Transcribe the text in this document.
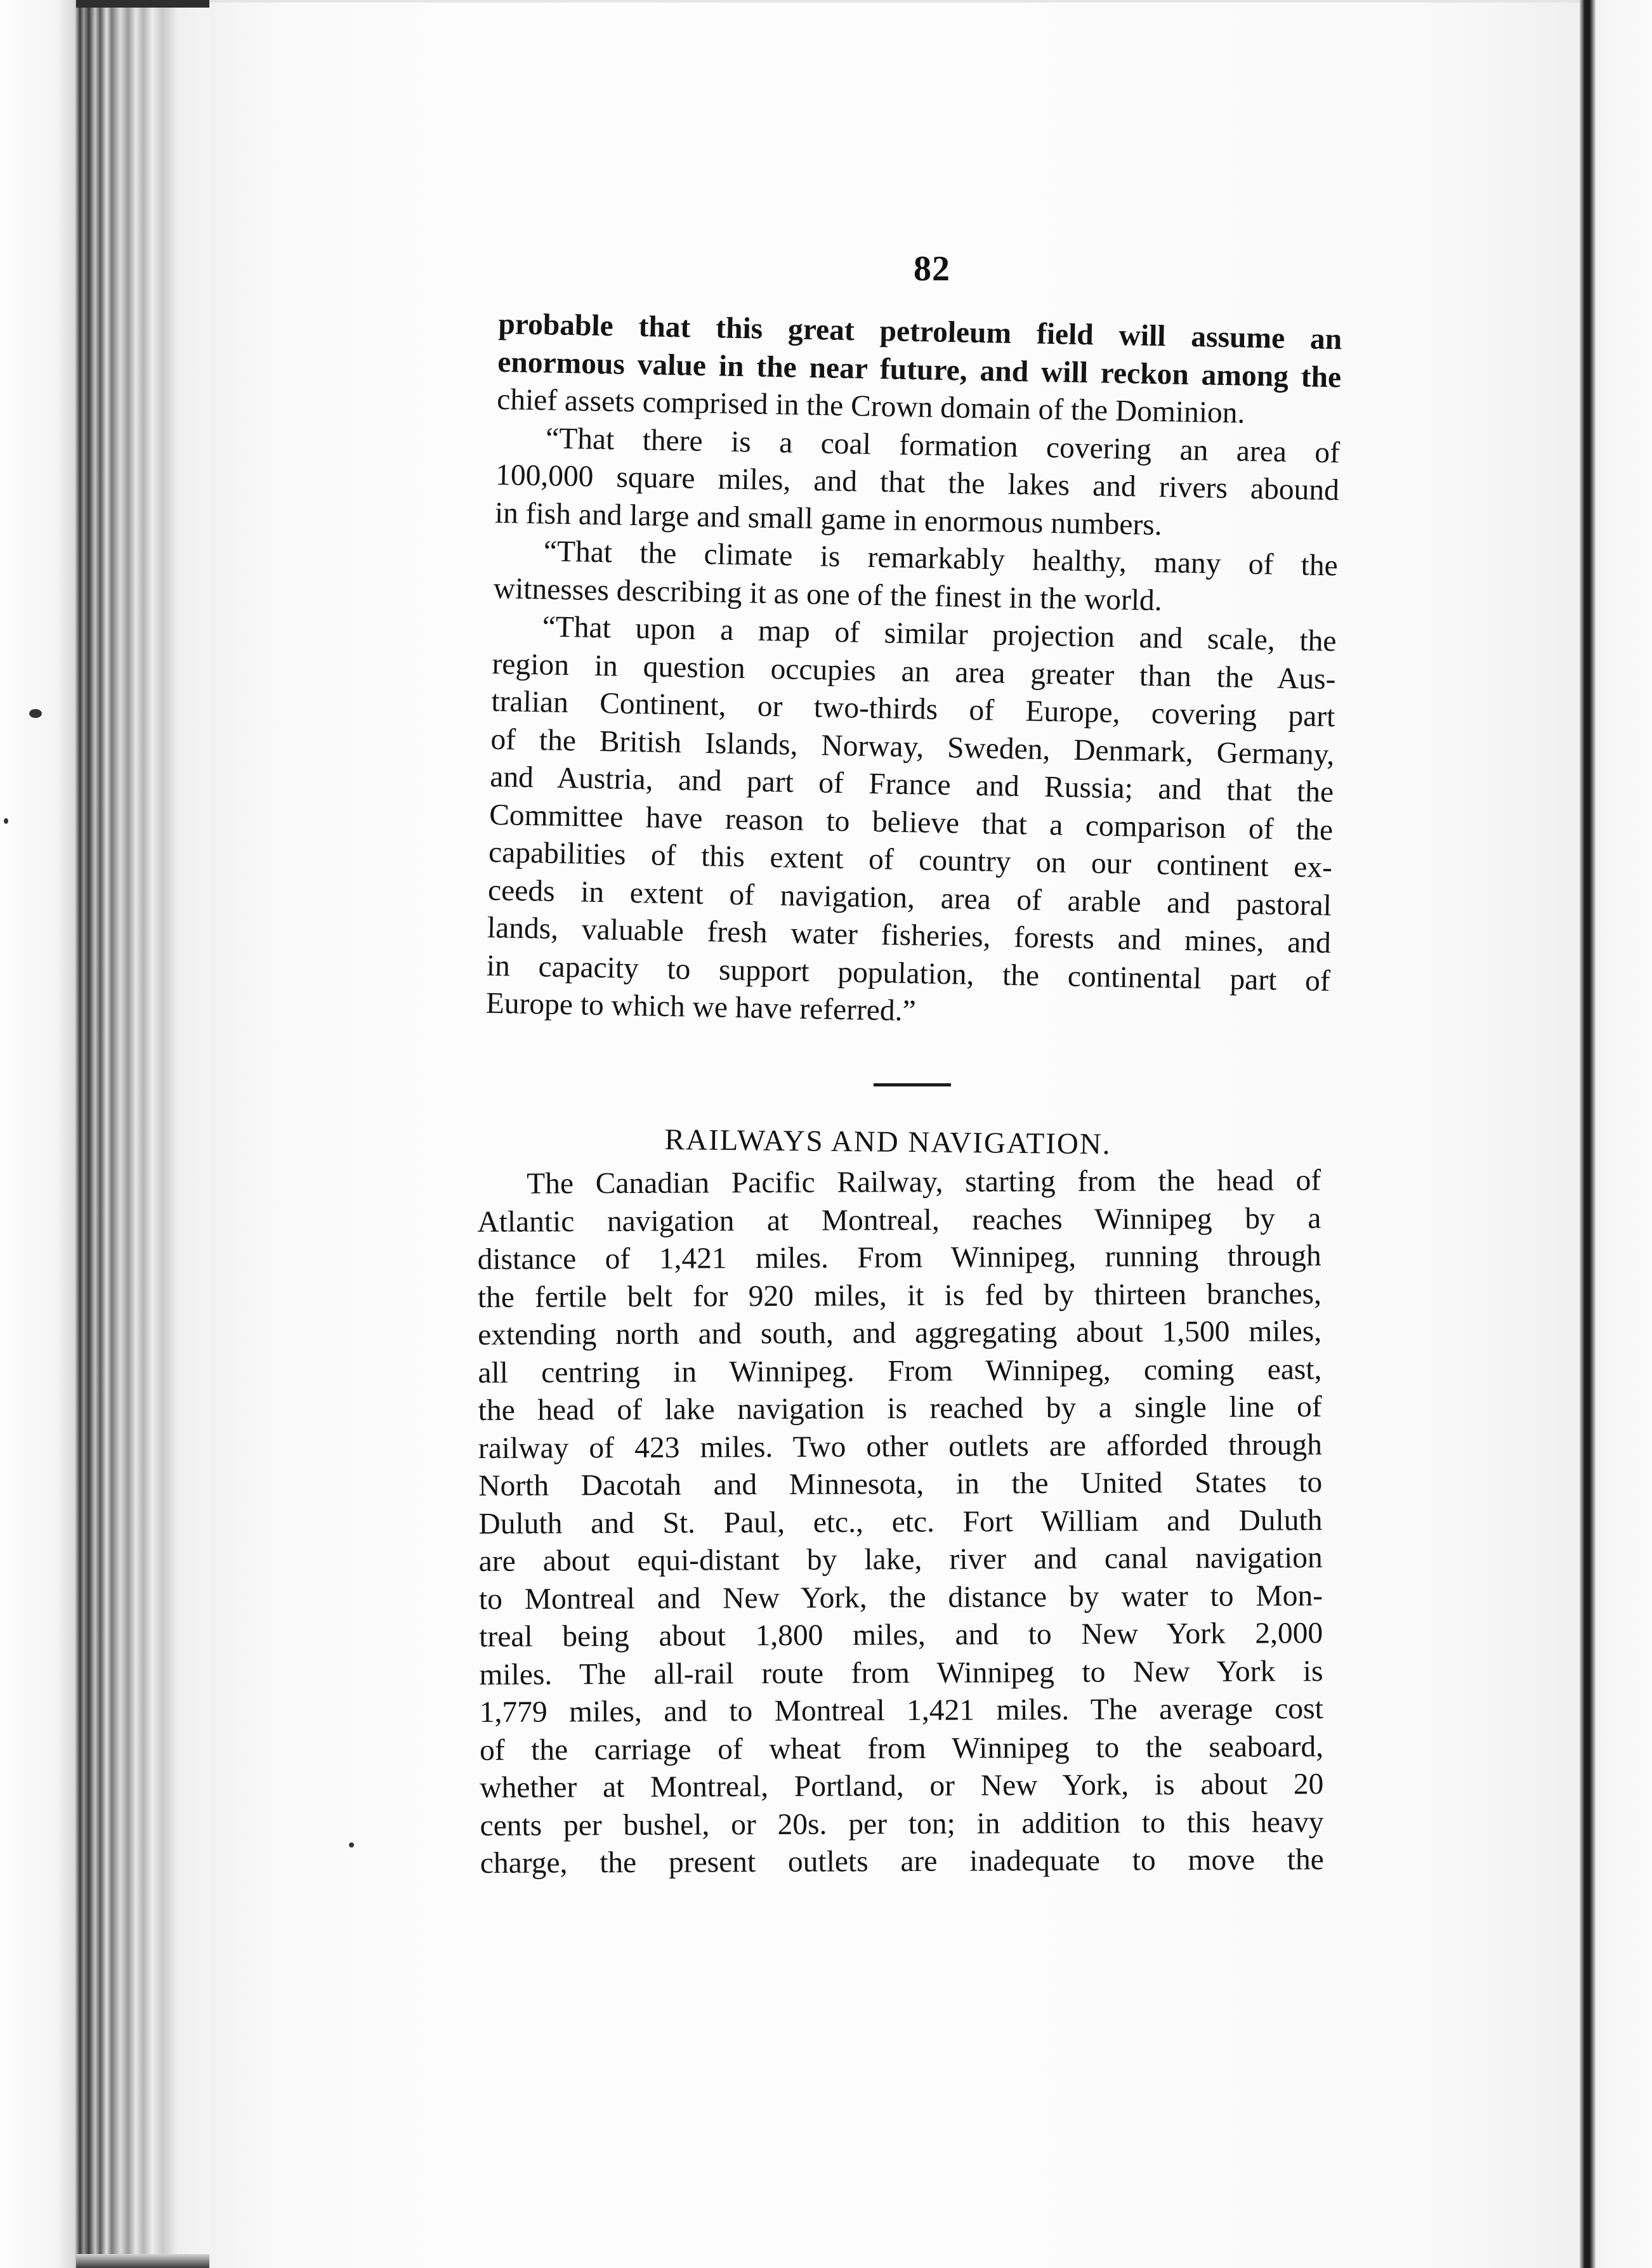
82
probable that this great petroleum field will assume an
enormous value in the near future, and will reckon among the
chief assets comprised in the Crown domain of the Dominion.
“That there is a coal formation covering an area of
100,000 square miles, and that the lakes and rivers abound
in fish and large and small game in enormous numbers.
“That the climate is remarkably healthy, many of the
witnesses describing it as one of the finest in the world.
“That upon a map of similar projection and scale, the
region in question occupies an area greater than the Aus-
tralian Continent, or two-thirds of Europe, covering part
of the British Islands, Norway, Sweden, Denmark, Germany,
and Austria, and part of France and Russia; and that the
Committee have reason to believe that a comparison of the
capabilities of this extent of country on our continent ex-
ceeds in extent of navigation, area of arable and pastoral
lands, valuable fresh water fisheries, forests and mines, and
in capacity to support population, the continental part of
Europe to which we have referred.”
RAILWAYS AND NAVIGATION.
The Canadian Pacific Railway, starting from the head of
Atlantic navigation at Montreal, reaches Winnipeg by a
distance of 1,421 miles. From Winnipeg, running through
the fertile belt for 920 miles, it is fed by thirteen branches,
extending north and south, and aggregating about 1,500 miles,
all centring in Winnipeg. From Winnipeg, coming east,
the head of lake navigation is reached by a single line of
railway of 423 miles. Two other outlets are afforded through
North Dacotah and Minnesota, in the United States to
Duluth and St. Paul, etc., etc. Fort William and Duluth
are about equi-distant by lake, river and canal navigation
to Montreal and New York, the distance by water to Mon-
treal being about 1,800 miles, and to New York 2,000
miles. The all-rail route from Winnipeg to New York is
1,779 miles, and to Montreal 1,421 miles. The average cost
of the carriage of wheat from Winnipeg to the seaboard,
whether at Montreal, Portland, or New York, is about 20
cents per bushel, or 20s. per ton; in addition to this heavy
charge, the present outlets are inadequate to move the
